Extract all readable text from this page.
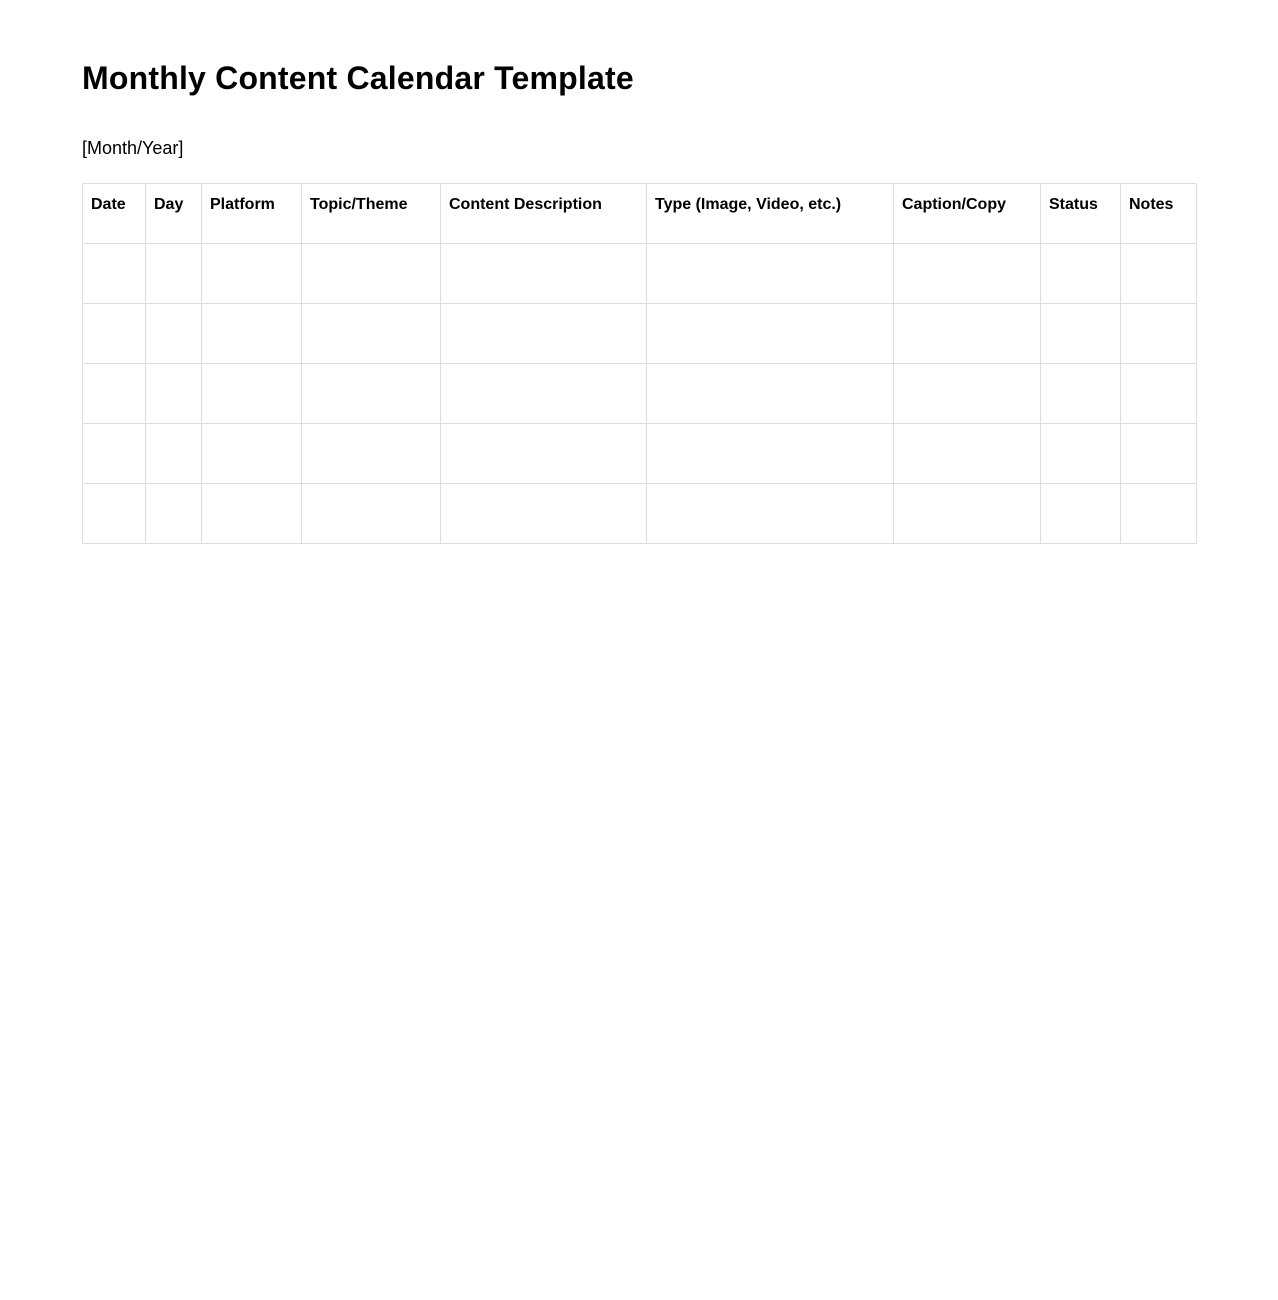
Monthly Content Calendar Template

[Month/Year]

Date	Day	Platform	Topic/Theme	Content Description	Type (Image, Video, etc.)	Caption/Copy	Status	Notes
